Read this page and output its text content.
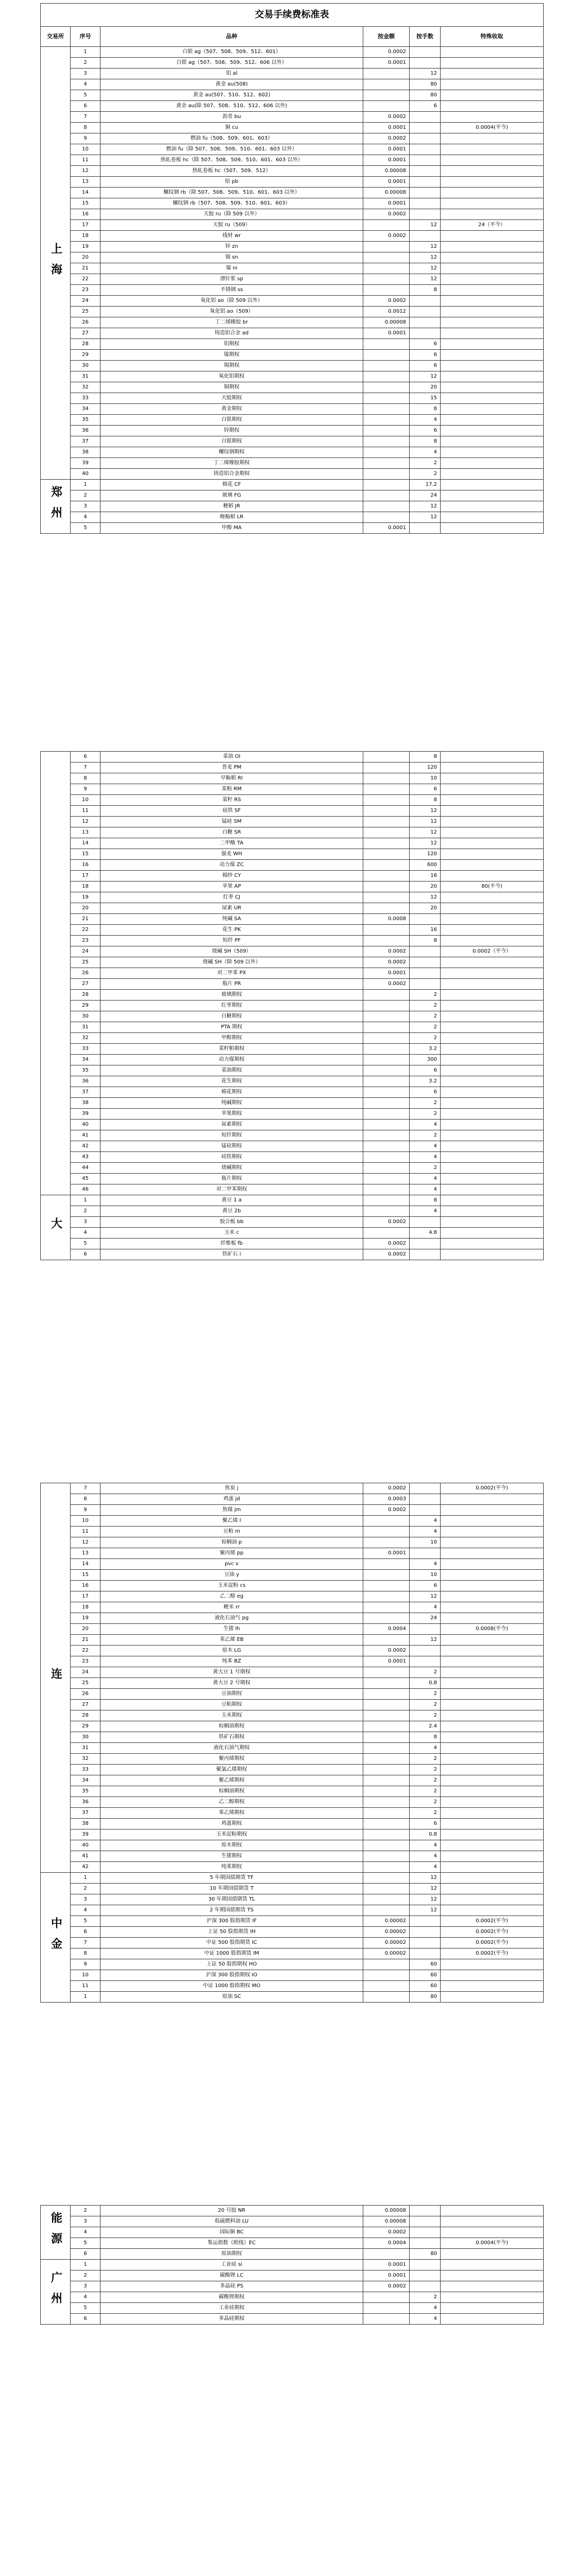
交易手续费标准表					
交易所	序号	品种	按金额	按手数	特殊收取
上海	1	白银 ag（507、508、509、512、601）	0.0002		
	2	白银 ag（507、508、509、512、606 以外）	0.0001		
	3	铝 al		12	
	4	黄金 au(508)		80	
	5	黄金 au(507、510、512、602)		80	
	6	黄金 au(除 507、508、510、512、606 以外)		6	
	7	沥青 bu	0.0002		
	8	铜 cu	0.0001		0.0004(平今)
	9	燃油 fu（508、509、601、603）	0.0002		
	10	燃油 fu（除 507、508、509、510、601、603 以外）	0.0001		
	11	热轧卷板 hc（除 507、508、509、510、601、603 以外）	0.0001		
	12	热轧卷板 hc（507、509、512）	0.00008		
	13	铅 pb	0.0001		
	14	螺纹钢 rb（除 507、508、509、510、601、603 以外）	0.00008		
	15	螺纹钢 rb（507、508、509、510、601、603）	0.0001		
	16	天胶 ru（除 509 以外）	0.0002		
	17	天胶 ru（509）		12	24（平今）
	18	线材 wr	0.0002		
	19	锌 zn		12	
	20	锡 sn		12	
	21	镍 ni		12	
	22	漂针浆 sp		12	
	23	不锈钢 ss		8	
	24	氧化铝 ao（除 509 以外）	0.0002		
	25	氧化铝 ao（509）	0.0012		
	26	丁二烯橡胶 br	0.00008		
	27	铸造铝合金 ad	0.0001		
	28	铝期权		6	
	29	镍期权		6	
	30	锡期权		6	
	31	氧化铝期权		12	
	32	铜期权		20	
	33	天胶期权		15	
	34	黄金期权		8	
	35	白银期权		4	
	36	锌期权		6	
	37	白银期权		8	
	38	螺纹钢期权		4	
	39	丁二烯橡胶期权		2	
	40	铸造铝合金期权		2	
郑州	1	棉花 CF		17.2	
	2	玻璃 FG		24	
	3	粳稻 JR		12	
	4	晚籼稻 LR		12	
	5	甲醇 MA	0.0001		
	6	菜油 OI		8	
	7	普麦 PM		120	
	8	早籼稻 RI		10	
	9	菜粕 RM		6	
	10	菜籽 RS		8	
	11	硅铁 SF		12	
	12	锰硅 SM		12	
	13	白糖 SR		12	
	14	二甲酸 TA		12	
	15	强麦 WH		120	
	16	动力煤 ZC		600	
	17	棉纱 CY		16	
	18	苹果 AP		20	80(平今)
	19	红枣 CJ		12	
	20	尿素 UR		20	
	21	纯碱 SA	0.0008		
	22	花生 PK		16	
	23	短纤 PF		8	
	24	烧碱 SH（509）	0.0002		0.0002（平今）
	25	烧碱 SH（除 509 以外）	0.0002		
	26	对二甲苯 PX	0.0001		
	27	瓶片 PR	0.0002		
	28	玻璃期权		2	
	29	红枣期权		2	
	30	白糖期权		2	
	31	PTA 期权		2	
	32	甲醇期权		2	
	33	菜籽粕期权		3.2	
	34	动力煤期权		300	
	35	菜油期权		6	
	36	花生期权		3.2	
	37	棉花期权		6	
	38	纯碱期权		2	
	39	苹果期权		2	
	40	尿素期权		4	
	41	短纤期权		2	
	42	锰硅期权		4	
	43	硅铁期权		4	
	44	烧碱期权		2	
	45	瓶片期权		4	
	46	对二甲苯期权		4	
大	1	黄豆 1 a		8	
	2	黄豆 2b		4	
	3	胶合板 bb	0.0002		
	4	玉米 c		4.8	
	5	纤维板 fb	0.0002		
	6	铁矿石 i	0.0002		
连	7	焦炭 j	0.0002		0.0002(平今)
	8	鸡蛋 jd	0.0003		
	9	焦煤 jm	0.0002		
	10	聚乙烯 l		4	
	11	豆粕 m		4	
	12	棕榈油 p		10	
	13	聚丙烯 pp	0.0001		
	14	pvc v		4	
	15	豆油 y		10	
	16	玉米淀粉 cs		6	
	17	乙二醇 eg		12	
	18	粳米 rr		4	
	19	液化石油气 pg		24	
	20	生猪 lh	0.0004		0.0008(平今)
	21	苯乙烯 EB		12	
	22	原木 LG	0.0002		
	23	纯苯 BZ	0.0001		
	24	黄大豆 1 号期权		2	
	25	黄大豆 2 号期权		0.8	
	26	豆油期权		2	
	27	豆粕期权		2	
	28	玉米期权		2	
	29	棕榈油期权		2.4	
	30	铁矿石期权		8	
	31	液化石油气期权		4	
	32	聚丙烯期权		2	
	33	聚氯乙烯期权		2	
	34	聚乙烯期权		2	
	35	棕榈油期权		2	
	36	乙二醇期权		2	
	37	苯乙烯期权		2	
	38	鸡蛋期权		6	
	39	玉米淀粉期权		0.8	
	40	原木期权		4	
	41	生猪期权		4	
	42	纯苯期权		4	
中金	1	5 年期国债期货 TF		12	
	2	10 年期国债期货 T		12	
	3	30 年期国债期货 TL		12	
	4	2 年期国债期货 TS		12	
	5	沪深 300 股指期货 IF	0.00002		0.0002(平今)
	6	上证 50 股指期货 IH	0.00002		0.0002(平今)
	7	中证 500 股指期货 IC	0.00002		0.0002(平今)
	8	中证 1000 股指期货 IM	0.00002		0.0002(平今)
	9	上证 50 股指期权 HO		60	
	10	沪深 300 股指期权 IO		60	
	11	中证 1000 股指期权 MO		60	
	1	原油 SC		80	
能源	2	20 号胶 NR	0.00008		
	3	低硫燃料油 LU	0.00008		
	4	国际铜 BC	0.0002		
	5	集运指数（欧线）EC	0.0004		0.0004(平今)
	6	原油期权		80	
广州	1	工业硅 si	0.0001		
	2	碳酸锂 LC	0.0001		
	3	多晶硅 PS	0.0002		
	4	碳酸锂期权		2	
	5	工业硅期权		4	
	6	多晶硅期权		4	
